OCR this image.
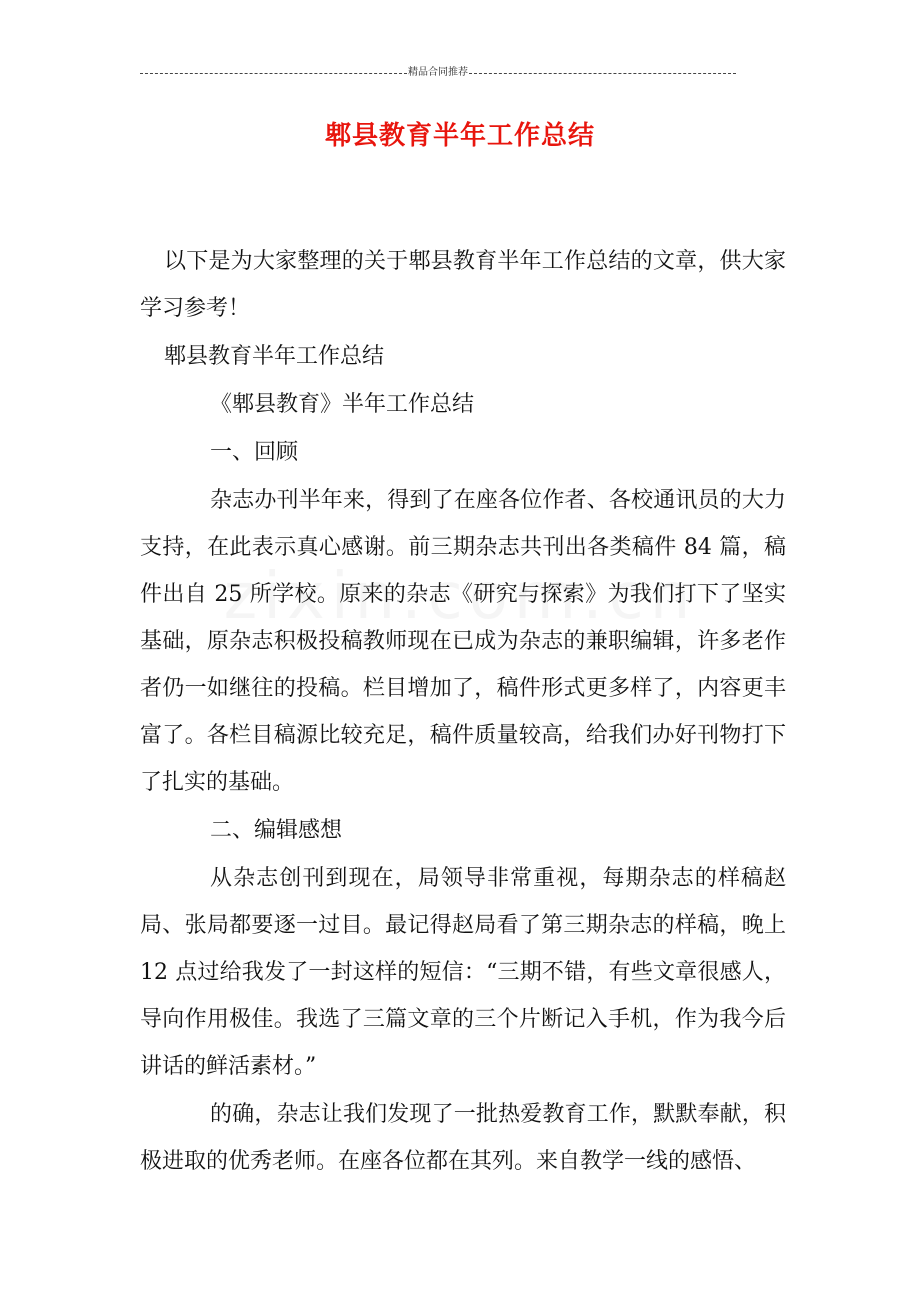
精品合同推荐
郫县教育半年工作总结

以下是为大家整理的关于郫县教育半年工作总结的文章，供大家学习参考！

郫县教育半年工作总结

《郫县教育》半年工作总结

一、回顾

杂志办刊半年来，得到了在座各位作者、各校通讯员的大力支持，在此表示真心感谢。前三期杂志共刊出各类稿件 84 篇，稿件出自 25 所学校。原来的杂志《研究与探索》为我们打下了坚实基础，原杂志积极投稿教师现在已成为杂志的兼职编辑，许多老作者仍一如继往的投稿。栏目增加了，稿件形式更多样了，内容更丰富了。各栏目稿源比较充足，稿件质量较高，给我们办好刊物打下了扎实的基础。

二、编辑感想

从杂志创刊到现在，局领导非常重视，每期杂志的样稿赵局、张局都要逐一过目。最记得赵局看了第三期杂志的样稿，晚上 12 点过给我发了一封这样的短信：“三期不错，有些文章很感人，导向作用极佳。我选了三篇文章的三个片断记入手机，作为我今后讲话的鲜活素材。”

的确，杂志让我们发现了一批热爱教育工作，默默奉献，积极进取的优秀老师。在座各位都在其列。来自教学一线的感悟、
